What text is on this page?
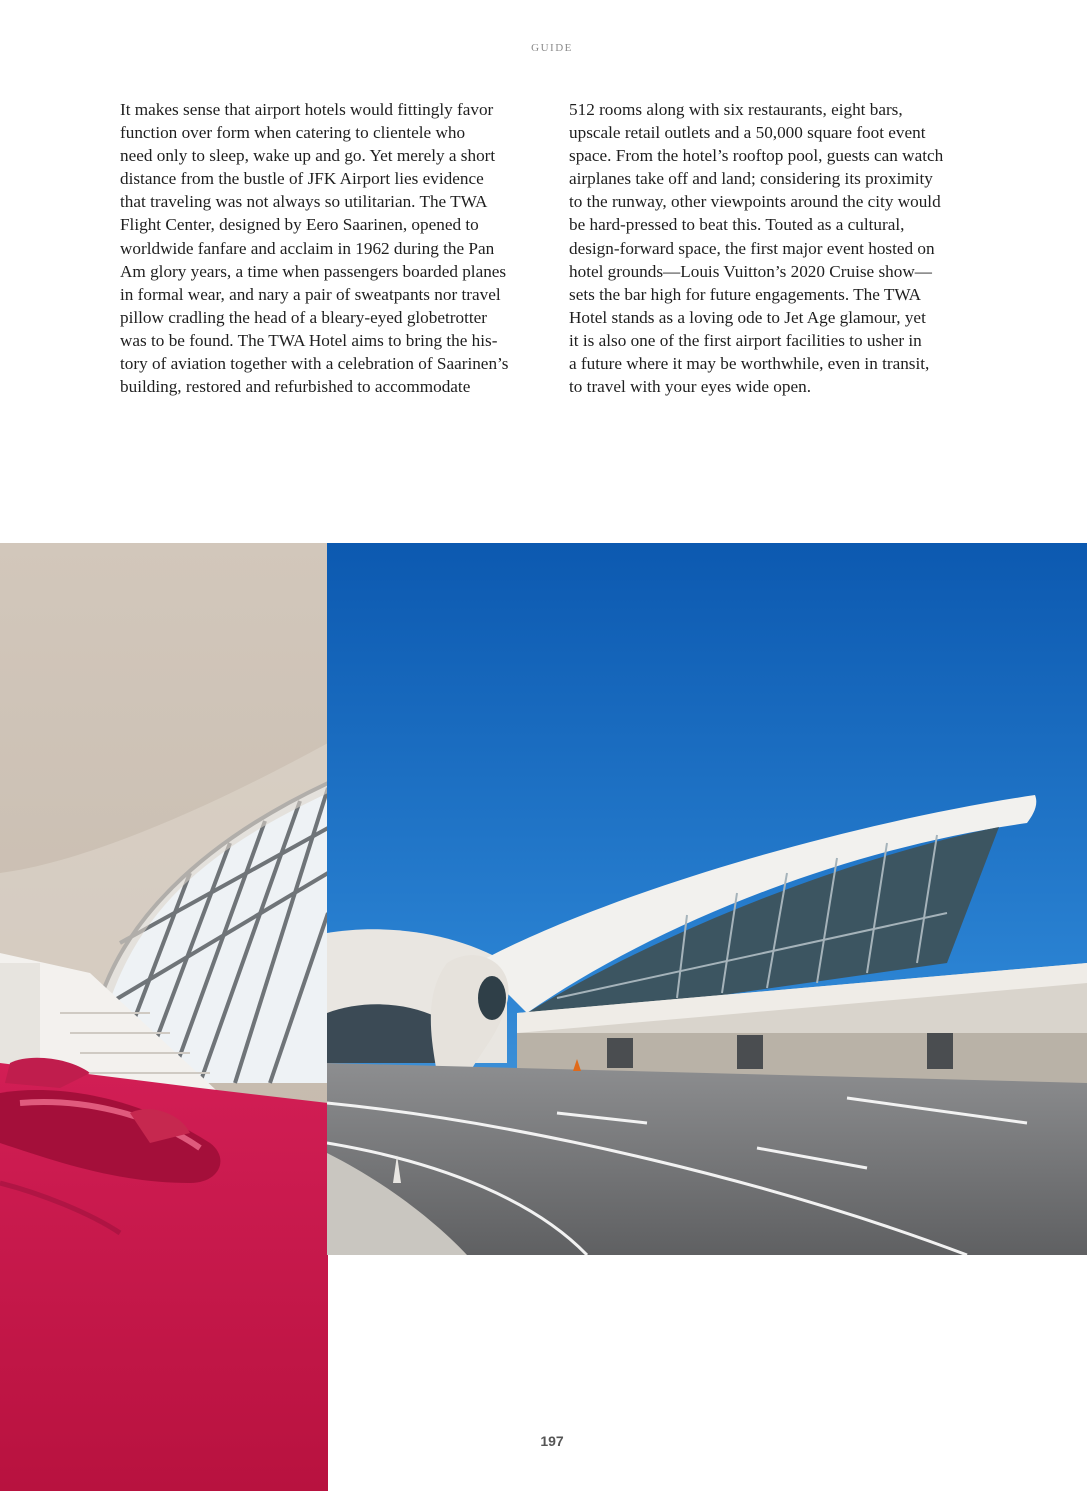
GUIDE

It makes sense that airport hotels would fittingly favor
function over form when catering to clientele who
need only to sleep, wake up and go. Yet merely a short
distance from the bustle of JFK Airport lies evidence
that traveling was not always so utilitarian. The TWA
Flight Center, designed by Eero Saarinen, opened to
worldwide fanfare and acclaim in 1962 during the Pan
Am glory years, a time when passengers boarded planes
in formal wear, and nary a pair of sweatpants nor travel
pillow cradling the head of a bleary-eyed globetrotter
was to be found. The TWA Hotel aims to bring the his-
tory of aviation together with a celebration of Saarinen’s
building, restored and refurbished to accommodate

512 rooms along with six restaurants, eight bars,
upscale retail outlets and a 50,000 square foot event
space. From the hotel’s rooftop pool, guests can watch
airplanes take off and land; considering its proximity
to the runway, other viewpoints around the city would
be hard-pressed to beat this. Touted as a cultural,
design-forward space, the first major event hosted on
hotel grounds—Louis Vuitton’s 2020 Cruise show—
sets the bar high for future engagements. The TWA
Hotel stands as a loving ode to Jet Age glamour, yet
it is also one of the first airport facilities to usher in
a future where it may be worthwhile, even in transit,
to travel with your eyes wide open.

197
